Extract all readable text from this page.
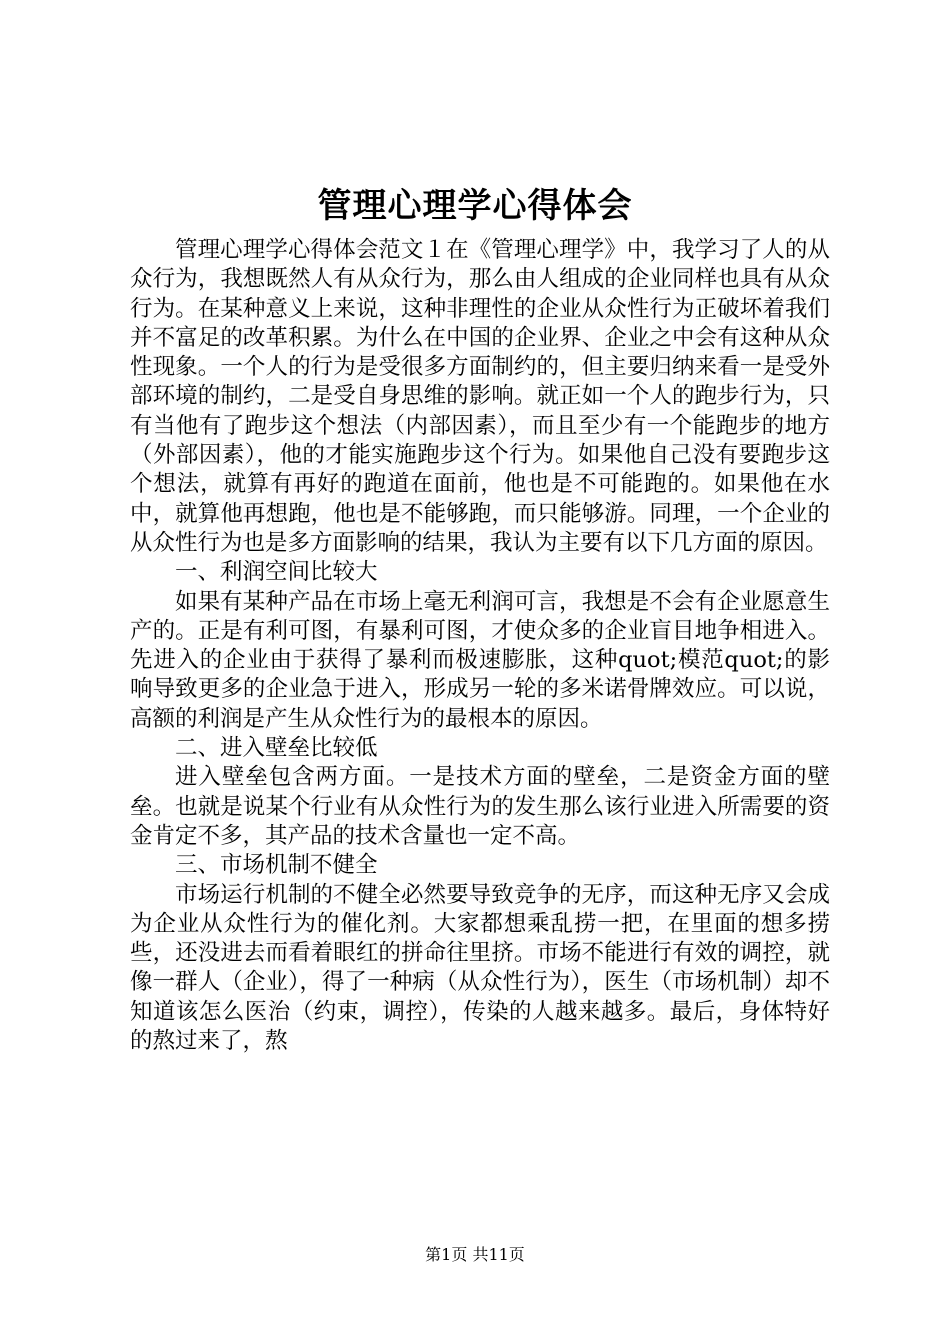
管理心理学心得体会

管理心理学心得体会范文１在《管理心理学》中，我学习了人的从众行为，我想既然人有从众行为，那么由人组成的企业同样也具有从众行为。在某种意义上来说，这种非理性的企业从众性行为正破坏着我们并不富足的改革积累。为什么在中国的企业界、企业之中会有这种从众性现象。一个人的行为是受很多方面制约的，但主要归纳来看一是受外部环境的制约，二是受自身思维的影响。就正如一个人的跑步行为，只有当他有了跑步这个想法（内部因素），而且至少有一个能跑步的地方（外部因素），他的才能实施跑步这个行为。如果他自己没有要跑步这个想法，就算有再好的跑道在面前，他也是不可能跑的。如果他在水中，就算他再想跑，他也是不能够跑，而只能够游。同理，一个企业的从众性行为也是多方面影响的结果，我认为主要有以下几方面的原因。

一、利润空间比较大

如果有某种产品在市场上毫无利润可言，我想是不会有企业愿意生产的。正是有利可图，有暴利可图，才使众多的企业盲目地争相进入。先进入的企业由于获得了暴利而极速膨胀，这种quot;模范quot;的影响导致更多的企业急于进入，形成另一轮的多米诺骨牌效应。可以说，高额的利润是产生从众性行为的最根本的原因。

二、进入壁垒比较低

进入壁垒包含两方面。一是技术方面的壁垒，二是资金方面的壁垒。也就是说某个行业有从众性行为的发生那么该行业进入所需要的资金肯定不多，其产品的技术含量也一定不高。

三、市场机制不健全

市场运行机制的不健全必然要导致竞争的无序，而这种无序又会成为企业从众性行为的催化剂。大家都想乘乱捞一把，在里面的想多捞些，还没进去而看着眼红的拼命往里挤。市场不能进行有效的调控，就像一群人（企业），得了一种病（从众性行为），医生（市场机制）却不知道该怎么医治（约束，调控），传染的人越来越多。最后，身体特好的熬过来了，熬

第1页 共11页
